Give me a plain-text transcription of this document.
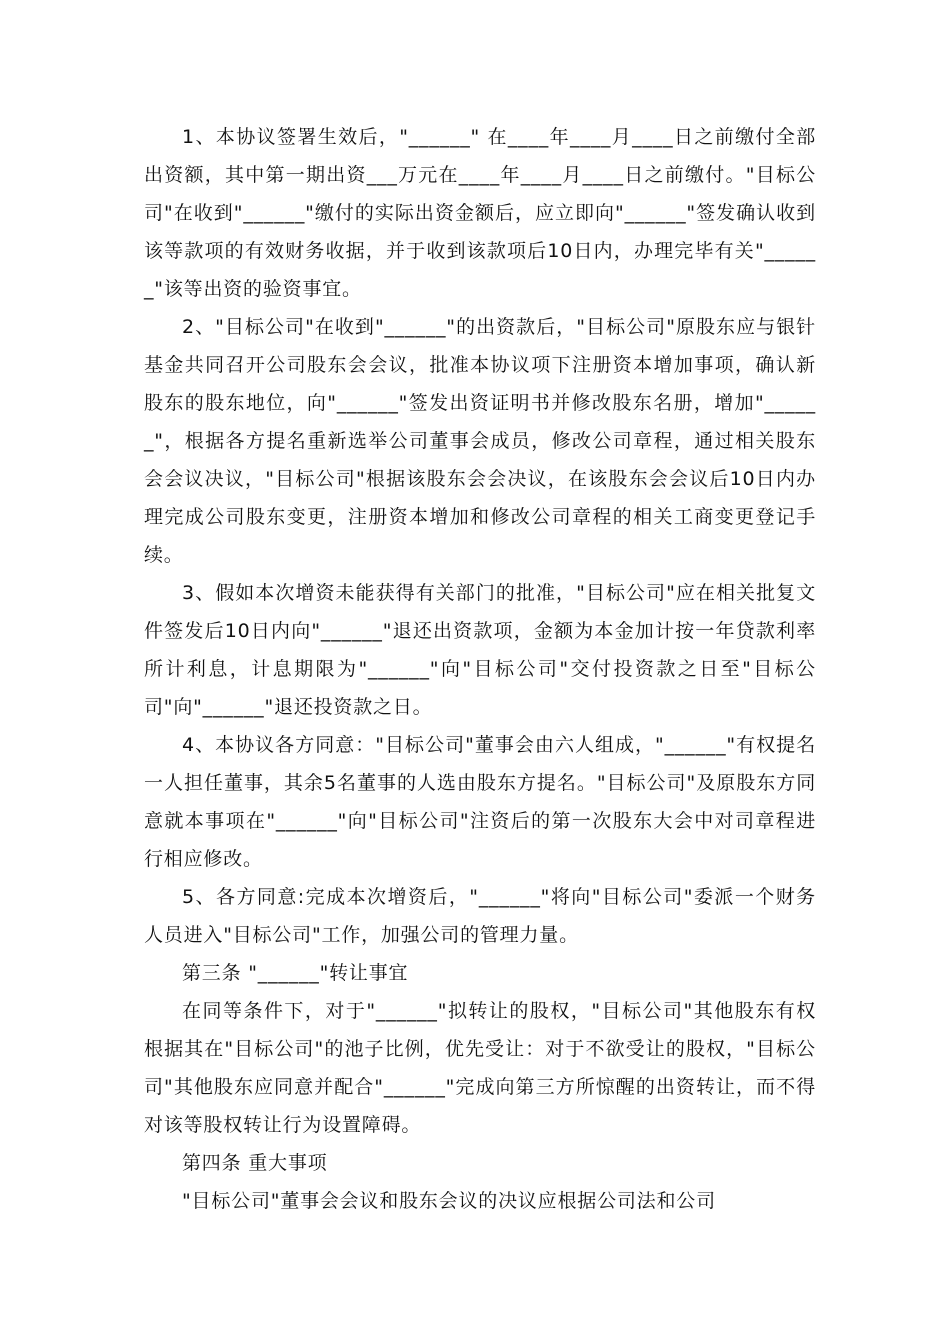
1、本协议签署生效后，"______" 在____年____月____日之前缴付全部出资额，其中第一期出资___万元在____年____月____日之前缴付。"目标公司"在收到"______"缴付的实际出资金额后，应立即向"______"签发确认收到该等款项的有效财务收据，并于收到该款项后10日内，办理完毕有关"______"该等出资的验资事宜。

2、"目标公司"在收到"______"的出资款后，"目标公司"原股东应与银针基金共同召开公司股东会会议，批准本协议项下注册资本增加事项，确认新股东的股东地位，向"______"签发出资证明书并修改股东名册，增加"______"，根据各方提名重新选举公司董事会成员，修改公司章程，通过相关股东会会议决议，"目标公司"根据该股东会会决议，在该股东会会议后10日内办理完成公司股东变更，注册资本增加和修改公司章程的相关工商变更登记手续。

3、假如本次增资未能获得有关部门的批准，"目标公司"应在相关批复文件签发后10日内向"______"退还出资款项，金额为本金加计按一年贷款利率所计利息，计息期限为"______"向"目标公司"交付投资款之日至"目标公司"向"______"退还投资款之日。

4、本协议各方同意："目标公司"董事会由六人组成，"______"有权提名一人担任董事，其余5名董事的人选由股东方提名。"目标公司"及原股东方同意就本事项在"______"向"目标公司"注资后的第一次股东大会中对司章程进行相应修改。

5、各方同意:完成本次增资后，"______"将向"目标公司"委派一个财务人员进入"目标公司"工作，加强公司的管理力量。

第三条 "______"转让事宜

在同等条件下，对于"______"拟转让的股权，"目标公司"其他股东有权根据其在"目标公司"的池子比例，优先受让：对于不欲受让的股权，"目标公司"其他股东应同意并配合"______"完成向第三方所惊醒的出资转让，而不得对该等股权转让行为设置障碍。

第四条 重大事项

"目标公司"董事会会议和股东会议的决议应根据公司法和公司
